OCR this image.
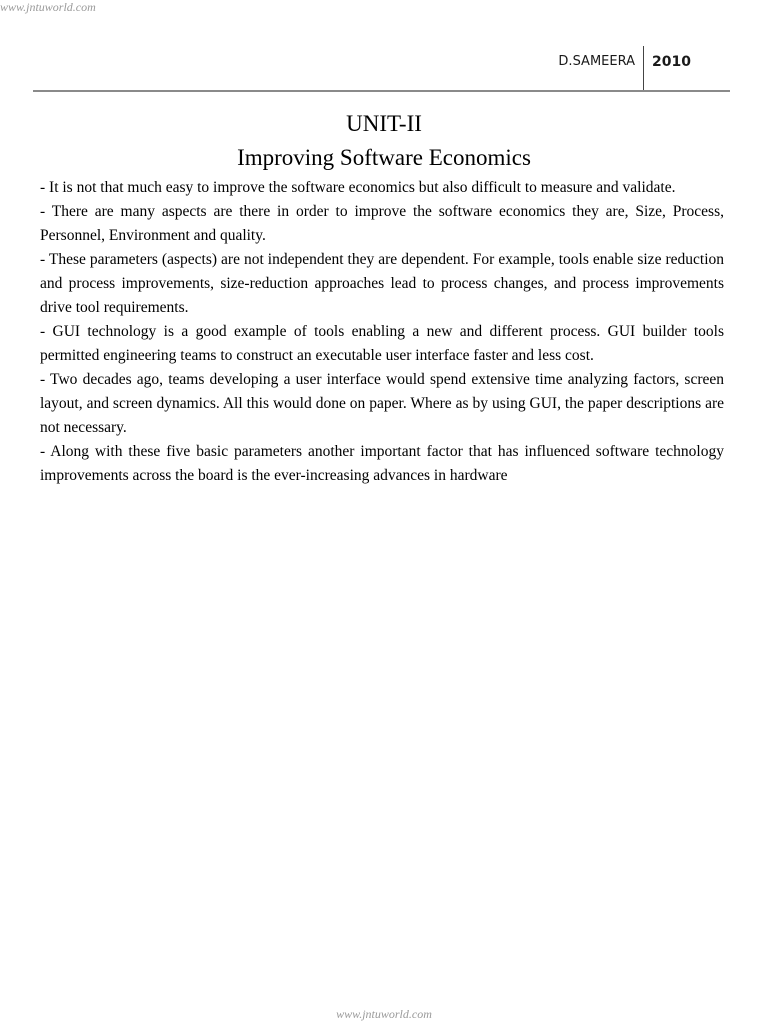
www.jntuworld.com
D.SAMEERA 2010
UNIT-II
Improving Software Economics

- It is not that much easy to improve the software economics but also difficult to measure and validate.

- There are many aspects are there in order to improve the software economics they are, Size, Process, Personnel, Environment and quality.

- These parameters (aspects) are not independent they are dependent. For example, tools enable size reduction and process improvements, size-reduction approaches lead to process changes, and process improvements drive tool requirements.

- GUI technology is a good example of tools enabling a new and different process. GUI builder tools permitted engineering teams to construct an executable user interface faster and less cost.

- Two decades ago, teams developing a user interface would spend extensive time analyzing factors, screen layout, and screen dynamics. All this would done on paper. Where as by using GUI, the paper descriptions are not necessary.

- Along with these five basic parameters another important factor that has influenced software technology improvements across the board is the ever-increasing advances in hardware

www.jntuworld.com
